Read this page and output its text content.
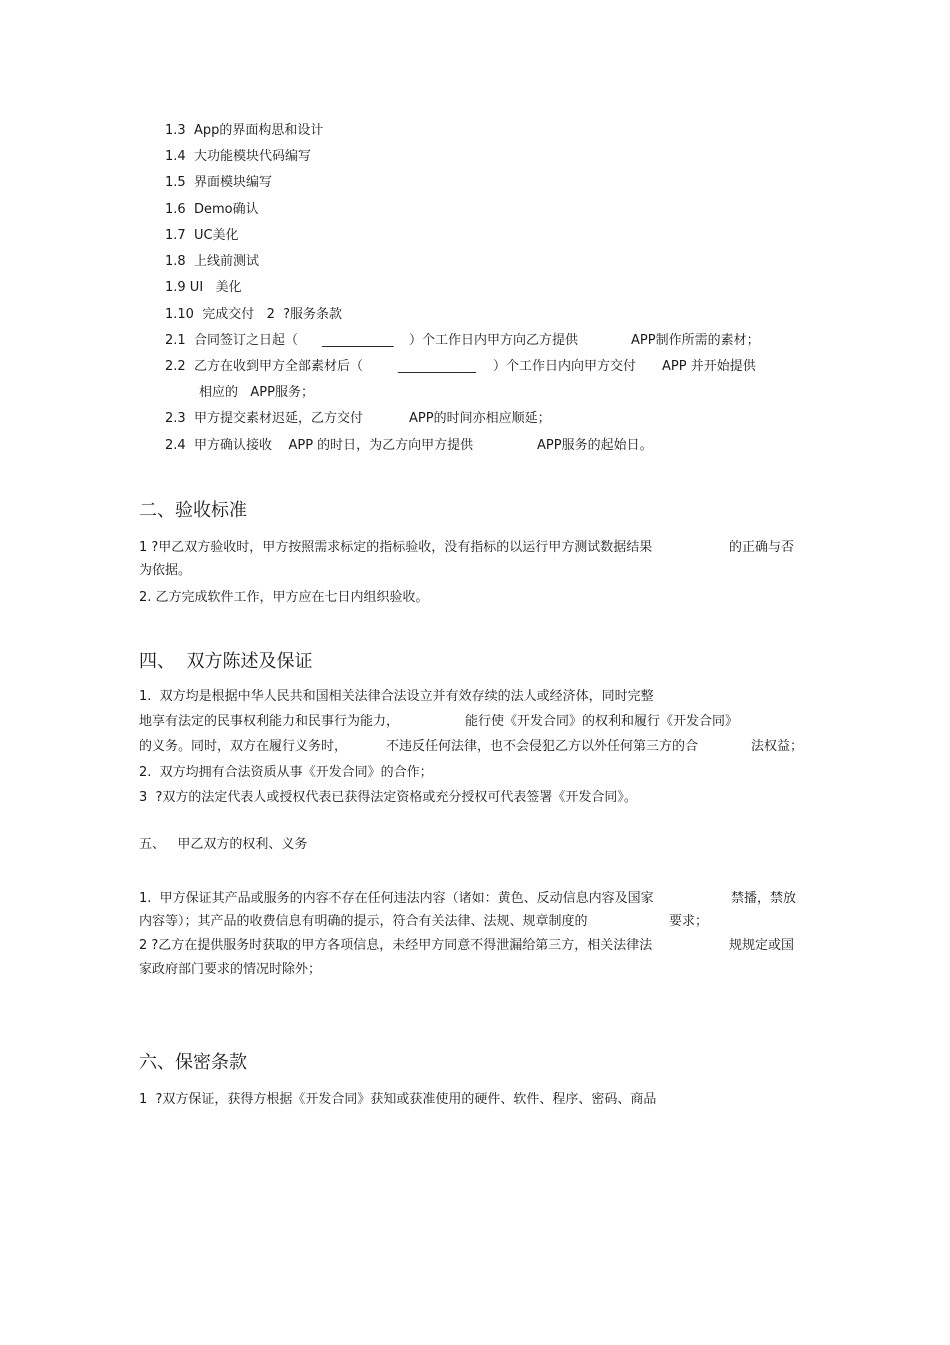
1.3  App的界面构思和设计
1.4  大功能模块代码编写
1.5  界面模块编写
1.6  Demo确认
1.7  UC美化
1.8  上线前测试
1.9 UI   美化
1.10  完成交付   2  ?服务条款
2.1  合同签订之日起（ ___________ ）个工作日内甲方向乙方提供	APP制作所需的素材；
2.2  乙方在收到甲方全部素材后（	____________ ）个工作日内向甲方交付 APP 并开始提供
相应的   APP服务；
2.3  甲方提交素材迟延，乙方交付	APP的时间亦相应顺延；
2.4  甲方确认接收    APP 的时日，为乙方向甲方提供	APP服务的起始日。
二、验收标准
1 ?甲乙双方验收时，甲方按照需求标定的指标验收，没有指标的以运行甲方测试数据结果	的正确与否
为依据。
2. 乙方完成软件工作，甲方应在七日内组织验收。
四、  双方陈述及保证
1.  双方均是根据中华人民共和国相关法律合法设立并有效存续的法人或经济体，同时完整
地享有法定的民事权利能力和民事行为能力，	能行使《开发合同》的权利和履行《开发合同》
的义务。同时，双方在履行义务时，	不违反任何法律，也不会侵犯乙方以外任何第三方的合	法权益；
2.  双方均拥有合法资质从事《开发合同》的合作；
3  ?双方的法定代表人或授权代表已获得法定资格或充分授权可代表签署《开发合同》。
五、   甲乙双方的权利、义务
1.  甲方保证其产品或服务的内容不存在任何违法内容（诸如：黄色、反动信息内容及国家	禁播，禁放
内容等）；其产品的收费信息有明确的提示，符合有关法律、法规、规章制度的	要求；
2 ?乙方在提供服务时获取的甲方各项信息，未经甲方同意不得泄漏给第三方，相关法律法	规规定或国
家政府部门要求的情况时除外；
六、保密条款
1  ?双方保证，获得方根据《开发合同》获知或获准使用的硬件、软件、程序、密码、商品
